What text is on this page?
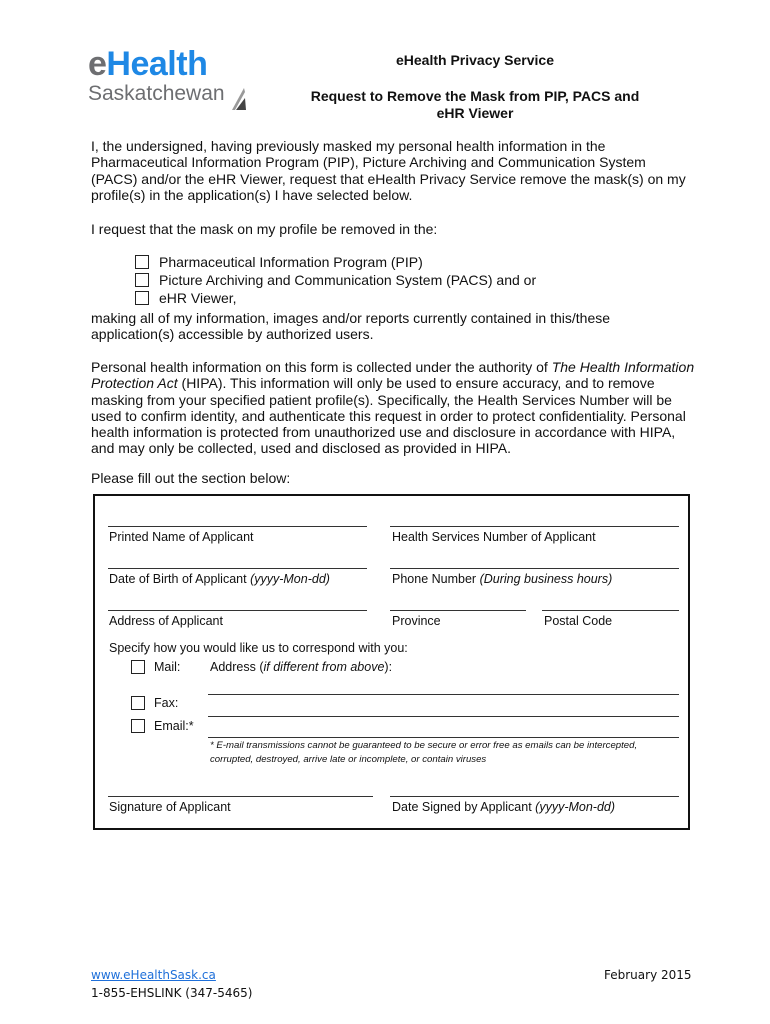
eHealth
Saskatchewan
eHealth Privacy Service
Request to Remove the Mask from PIP, PACS and
eHR Viewer
I, the undersigned, having previously masked my personal health information in the Pharmaceutical Information Program (PIP), Picture Archiving and Communication System (PACS) and/or the eHR Viewer, request that eHealth Privacy Service remove the mask(s) on my profile(s) in the application(s) I have selected below.
I request that the mask on my profile be removed in the:
Pharmaceutical Information Program (PIP)
Picture Archiving and Communication System (PACS) and or
eHR Viewer,
making all of my information, images and/or reports currently contained in this/these application(s) accessible by authorized users.
Personal health information on this form is collected under the authority of The Health Information Protection Act (HIPA). This information will only be used to ensure accuracy, and to remove masking from your specified patient profile(s). Specifically, the Health Services Number will be used to confirm identity, and authenticate this request in order to protect confidentiality. Personal health information is protected from unauthorized use and disclosure in accordance with HIPA, and may only be collected, used and disclosed as provided in HIPA.
Please fill out the section below:
Printed Name of Applicant	Health Services Number of Applicant
Date of Birth of Applicant (yyyy-Mon-dd)	Phone Number (During business hours)
Address of Applicant	Province	Postal Code
Specify how you would like us to correspond with you:
Mail: Address (if different from above):
Fax:
Email:*
* E-mail transmissions cannot be guaranteed to be secure or error free as emails can be intercepted, corrupted, destroyed, arrive late or incomplete, or contain viruses
Signature of Applicant	Date Signed by Applicant (yyyy-Mon-dd)
www.eHealthSask.ca
1-855-EHSLINK (347-5465)
February 2015
